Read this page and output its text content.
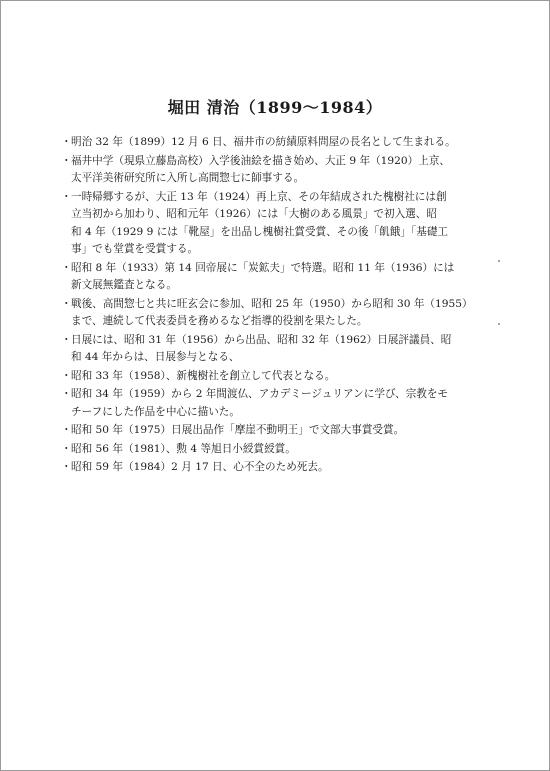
堀田 清治（1899〜1984）
・ 明治 32 年（1899）12 月 6 日、福井市の紡績原料問屋の長名として生まれる。
・ 福井中学（現県立藤島高校）入学後油絵を描き始め、大正 9 年（1920）上京、
太平洋美術研究所に入所し高間惣七に師事する。
・ 一時帰郷するが、大正 13 年（1924）再上京、その年結成された槐樹社には創
立当初から加わり、昭和元年（1926）には「大樹のある風景」で初入選、昭
和 4 年（1929 9 には「靴屋」を出品し槐樹社賞受賞、その後「飢餓」「基礎工
事」でも堂賞を受賞する。
・ 昭和 8 年（1933）第 14 回帝展に「炭鉱夫」で特選。昭和 11 年（1936）には
新文展無鑑査となる。
・ 戦後、高間惣七と共に旺玄会に参加、昭和 25 年（1950）から昭和 30 年（1955）
まで、連続して代表委員を務めるなど指導的役割を果たした。
・ 日展には、昭和 31 年（1956）から出品、昭和 32 年（1962）日展評議員、昭
和 44 年からは、日展参与となる、
・ 昭和 33 年（1958）、新槐樹社を創立して代表となる。
・ 昭和 34 年（1959）から 2 年間渡仏、アカデミージュリアンに学び、宗教をモ
チーフにした作品を中心に描いた。
・ 昭和 50 年（1975）日展出品作「摩崖不動明王」で文部大事賞受賞。
・ 昭和 56 年（1981）、勲 4 等旭日小綬賞綬賞。
・ 昭和 59 年（1984）2 月 17 日、心不全のため死去。
